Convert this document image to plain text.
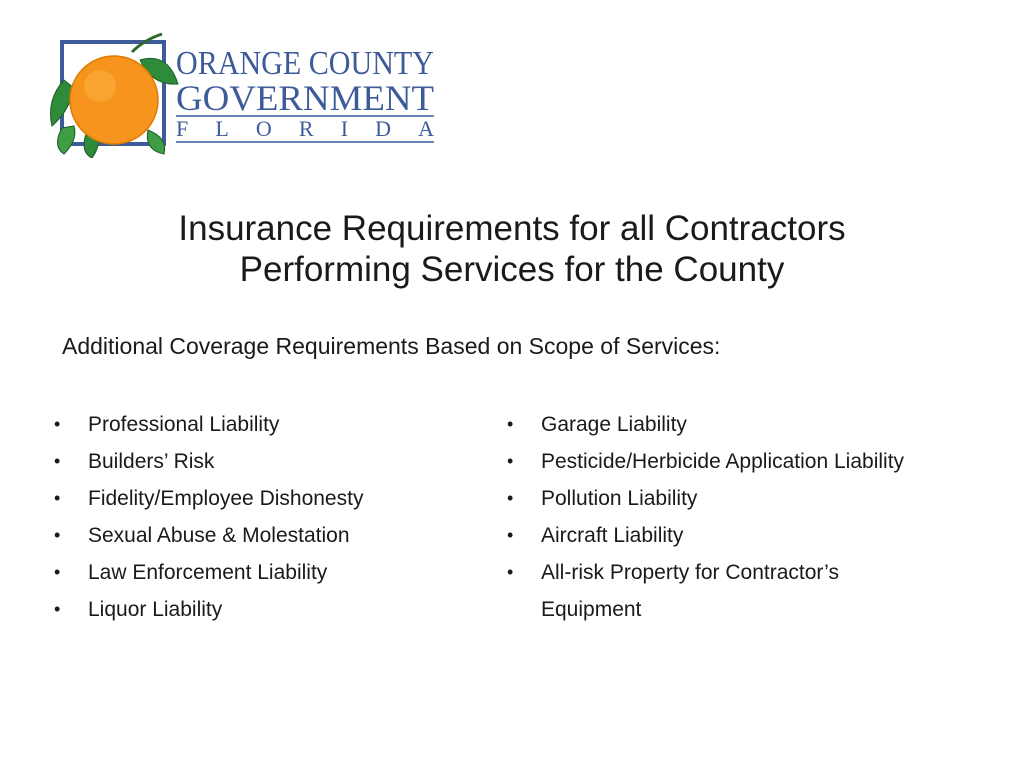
ORANGE COUNTY
GOVERNMENT
FLORIDA
Insurance Requirements for all Contractors
Performing Services for the County
Additional Coverage Requirements Based on Scope of Services:
• Professional Liability
• Builders’ Risk
• Fidelity/Employee Dishonesty
• Sexual Abuse & Molestation
• Law Enforcement Liability
• Liquor Liability
• Garage Liability
• Pesticide/Herbicide Application Liability
• Pollution Liability
• Aircraft Liability
• All-risk Property for Contractor’s Equipment
